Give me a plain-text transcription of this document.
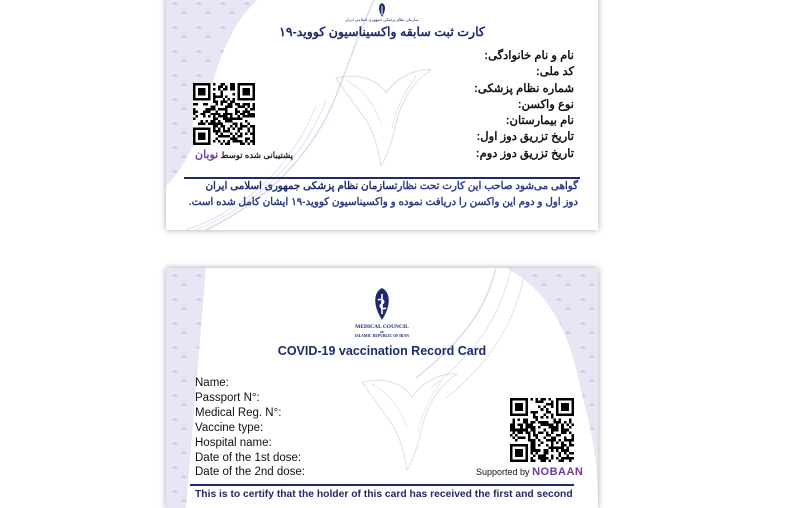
سازمان نظام پزشکی جمهوری اسلامی ایران
کارت ثبت سابقه واکسیناسیون کووید-۱۹
نام و نام خانوادگی:
کد ملی:
شماره نظام پزشکی:
نوع واکسن:
نام بیمارستان:
تاریخ تزریق دوز اول:
تاریخ تزریق دوز دوم:
پشتیبانی شده توسط نوبان
گواهی می‌شود صاحب این کارت تحت نظارتسازمان نظام پزشکی جمهوری اسلامی ایران
دوز اول و دوم این واکسن را دریافت نموده و واکسیناسیون کووید-۱۹ ایشان کامل شده است.
MEDICAL COUNCIL
OF
ISLAMIC REPUBLIC OF IRAN
COVID-19 vaccination Record Card
Name:
Passport N°:
Medical Reg. N°:
Vaccine type:
Hospital name:
Date of the 1st dose:
Date of the 2nd dose:	Supported by NOBAAN
This is to certify that the holder of this card has received the first and second
